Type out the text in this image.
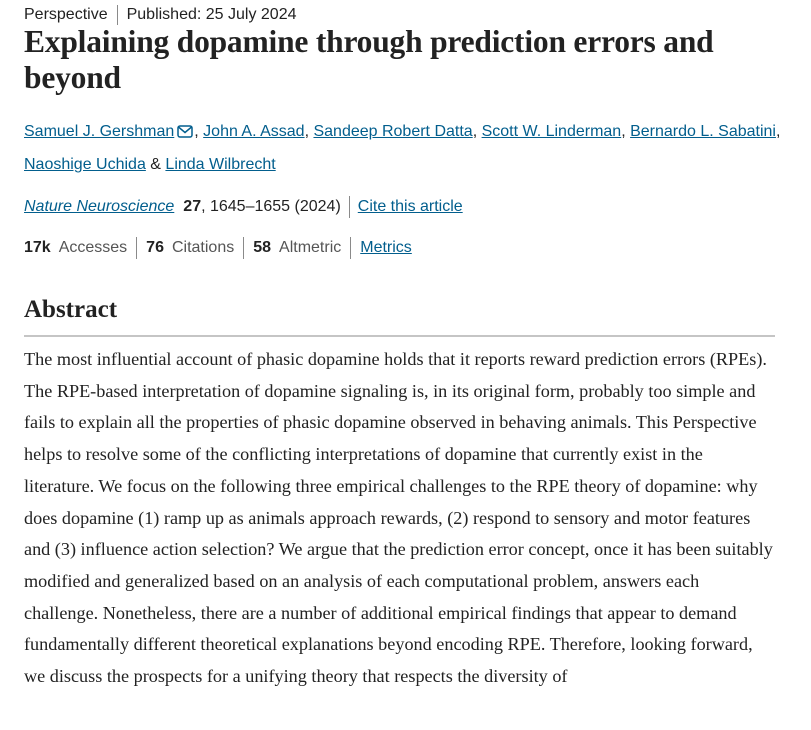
Perspective Published: 25 July 2024
Explaining dopamine through prediction errors and beyond
Samuel J. Gershman , John A. Assad, Sandeep Robert Datta, Scott W. Linderman, Bernardo L. Sabatini, Naoshige Uchida & Linda Wilbrecht
Nature Neuroscience 27 , 1645–1655 (2024) Cite this article
17k Accesses 76 Citations 58 Altmetric Metrics
Abstract

The most influential account of phasic dopamine holds that it reports reward prediction errors (RPEs). The RPE-based interpretation of dopamine signaling is, in its original form, probably too simple and fails to explain all the properties of phasic dopamine observed in behaving animals. This Perspective helps to resolve some of the conflicting interpretations of dopamine that currently exist in the literature. We focus on the following three empirical challenges to the RPE theory of dopamine: why does dopamine (1) ramp up as animals approach rewards, (2) respond to sensory and motor features and (3) influence action selection? We argue that the prediction error concept, once it has been suitably modified and generalized based on an analysis of each computational problem, answers each challenge. Nonetheless, there are a number of additional empirical findings that appear to demand fundamentally different theoretical explanations beyond encoding RPE. Therefore, looking forward, we discuss the prospects for a unifying theory that respects the diversity of
